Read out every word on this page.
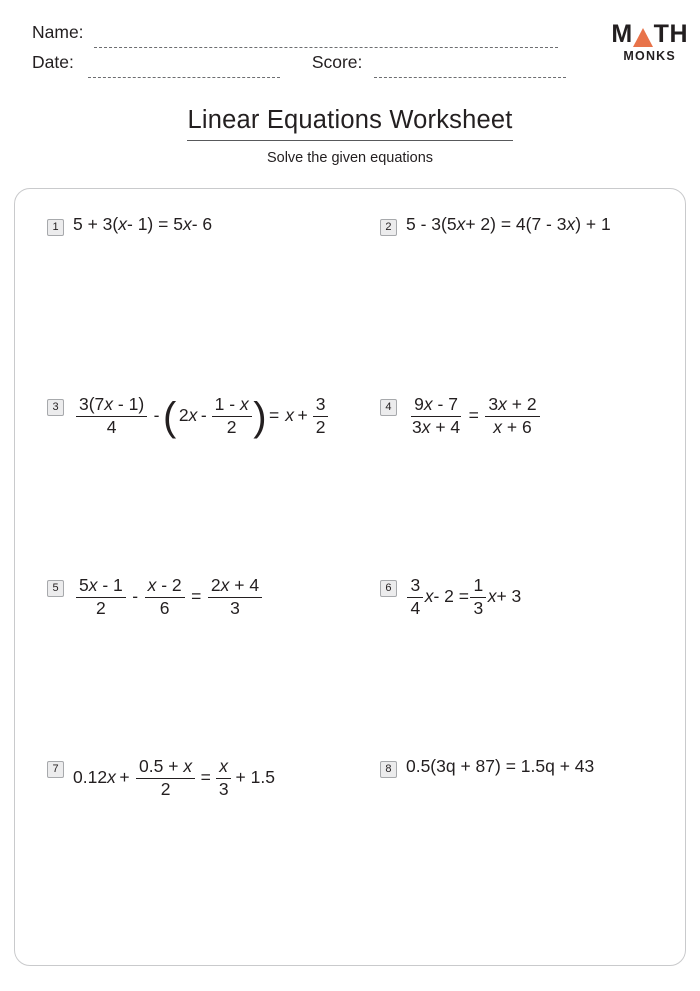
Name:
Date:	Score:
M TH
MONKS
Linear Equations Worksheet
Solve the given equations
1 5 + 3( x - 1) = 5 x - 6	2 5 - 3(5 x + 2) = 4(7 - 3 x ) + 1
$3 \frac{3(7x - 1)}{4}$ - ( 2 x - $\frac{1 - x}{2}$ ) = $x + \frac{3}{2}$	$4 \frac{9x - 7}{3x + 4} = \frac{3x + 2}{x + 6}$
$5 \frac{5x - 1}{2} - \frac{x - 2}{6} = \frac{2x + 4}{3}$	$6 \frac{3}{4}$ $x - 2 = \frac{1}{3}$ x + 3
7 0.12 $x + \frac{0.5 + x}{2} = \frac{x}{3} + 1.5$	8 0.5(3q + 87) = 1.5q + 43
